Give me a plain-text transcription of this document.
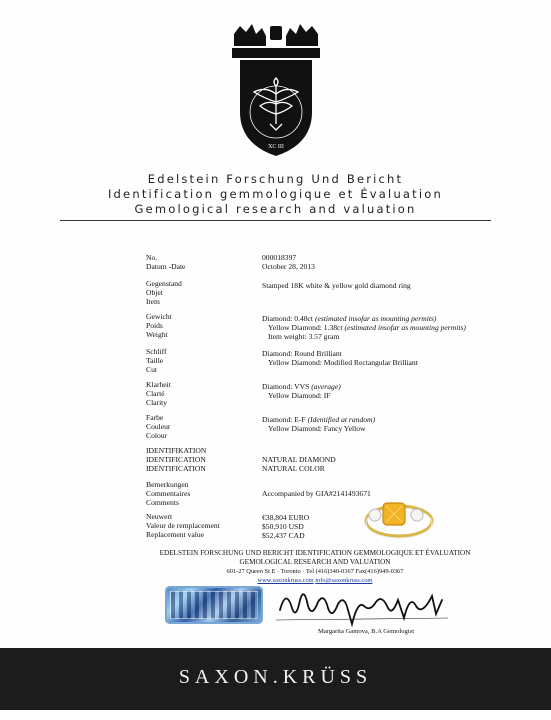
XC III
Edelstein Forschung Und Bericht
Identification gemmologique et Évaluation
Gemological research and valuation
No.
Datum -Date
000018397
October 28, 2013
Gegenstand
Objet
Item
Stamped 18K white & yellow gold diamond ring
Gewicht
Poids
Weight
Diamond: 0.48ct (estimated insofar as mounting permits)
Yellow Diamond: 1.38ct (estimated insofar as mounting permits)
Item weight: 3.57 gram
Schliff
Taille
Cut
Diamond: Round Brilliant
Yellow Diamond: Modified Rectangular Brilliant
Klarheit
Clarté
Clarity
Diamond: VVS (average)
Yellow Diamond: IF
Farbe
Couleur
Colour
Diamond: E-F (Identified at random)
Yellow Diamond: Fancy Yellow
IDENTIFIKATION
IDENTIFICATION
IDENTIFICATION
NATURAL DIAMOND
NATURAL COLOR
Bemerkungen
Commentaires
Comments
Accompanied by GIA#2141493671
Neuwert
Valeur de remplacement
Replacement value
€38,804 EURO
$50,910 USD
$52,437 CAD
EDELSTEIN FORSCHUNG UND BERICHT IDENTIFICATION GEMMOLOGIQUE ET ÉVALUATION
GEMOLOGICAL RESEARCH AND VALUATION
601-27 Queen St E · Toronto · Tel (416)340-0367 Fax(416)949-0367
www.saxonkruss.com info@saxonkruss.com
Margarita Gamova, B.A Gemologist
SAXON.KRÜSS
